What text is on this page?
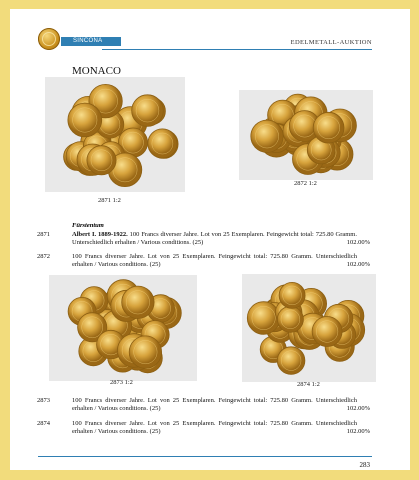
SINCONA	EDELMETALL-AUKTION
MONACO
2871 1:2
2872 1:2
Fürstentum
2871	Albert I. 1889-1922. 100 Francs diverser Jahre. Lot von 25 Exemplaren. Feingewicht total: 725.80 Gramm. Unterschiedlich erhalten / Various conditions. (25)	102.00%
2872	100 Francs diverser Jahre. Lot von 25 Exemplaren. Feingewicht total: 725.80 Gramm. Unterschiedlich erhalten / Various conditions. (25)	102.00%
2873 1:2	2874 1:2
2873	100 Francs diverser Jahre. Lot von 25 Exemplaren. Feingewicht total: 725.80 Gramm. Unterschiedlich erhalten / Various conditions. (25)	102.00%
2874	100 Francs diverser Jahre. Lot von 25 Exemplaren. Feingewicht total: 725.80 Gramm. Unterschiedlich erhalten / Various conditions. (25)	102.00%
283
